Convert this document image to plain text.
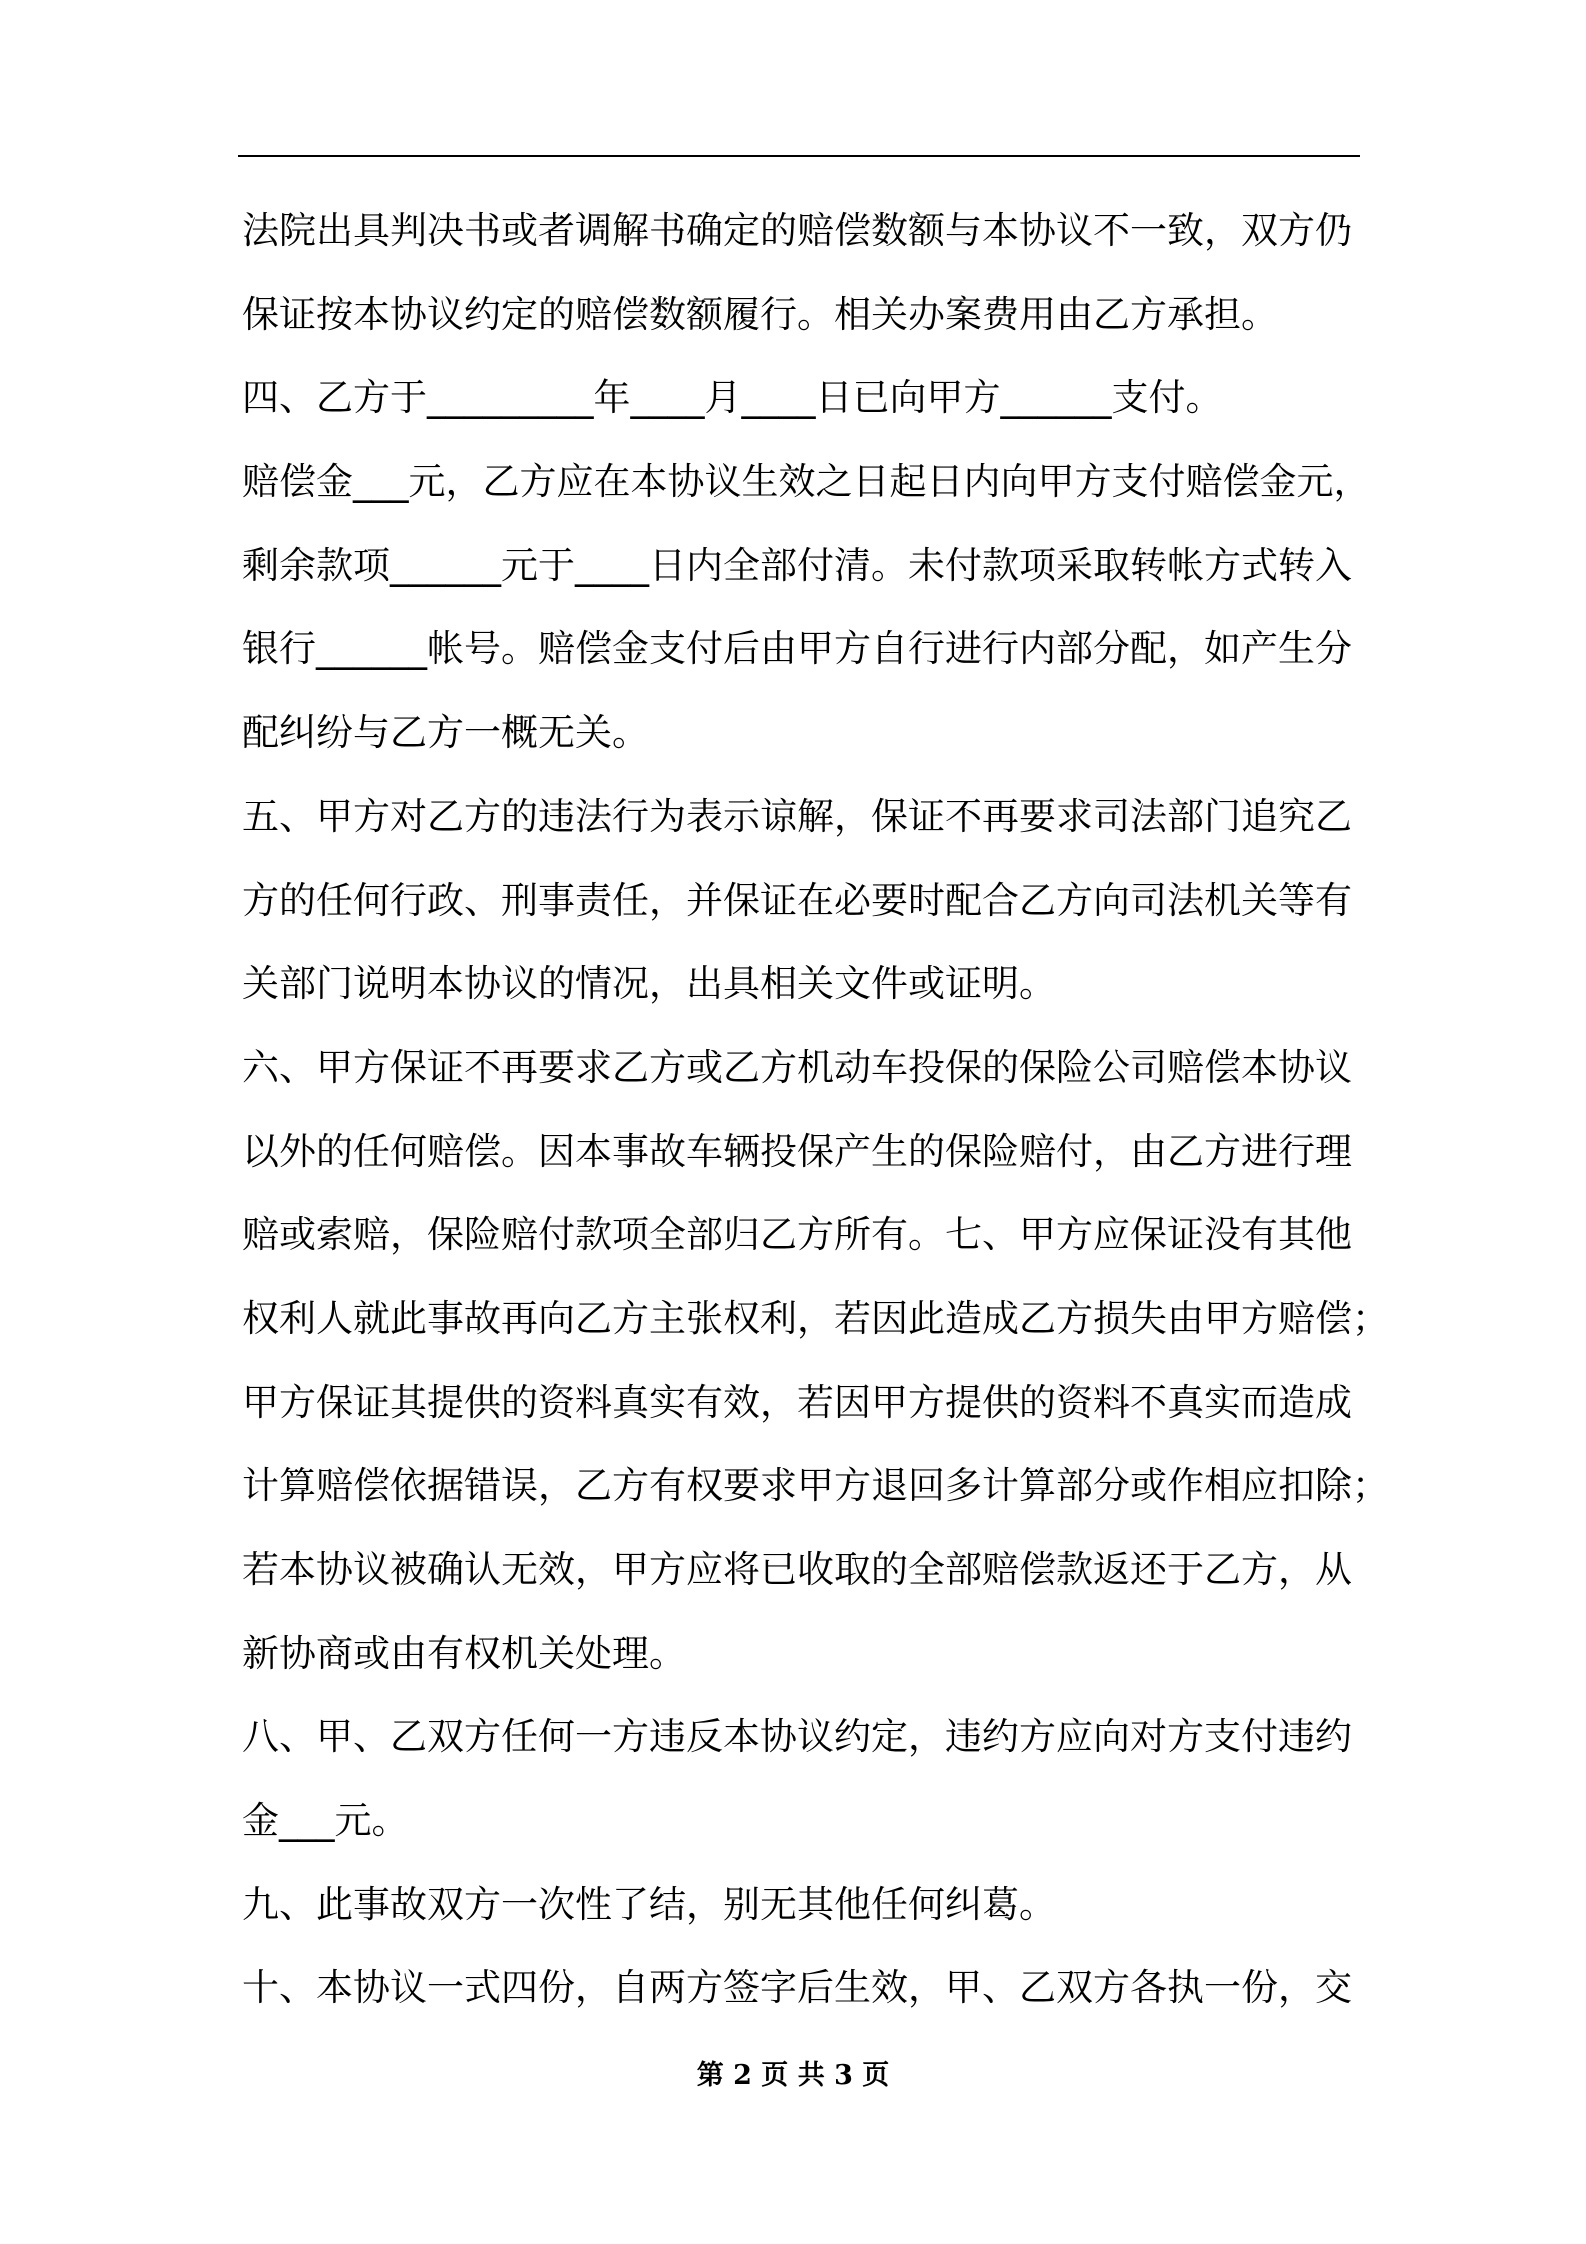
法院出具判决书或者调解书确定的赔偿数额与本协议不一致，双方仍
保证按本协议约定的赔偿数额履行。相关办案费用由乙方承担。
四、乙方于_________年____月____日已向甲方______支付。
赔偿金___元，乙方应在本协议生效之日起日内向甲方支付赔偿金元，
剩余款项______元于____日内全部付清。未付款项采取转帐方式转入
银行______帐号。赔偿金支付后由甲方自行进行内部分配，如产生分
配纠纷与乙方一概无关。
五、甲方对乙方的违法行为表示谅解，保证不再要求司法部门追究乙
方的任何行政、刑事责任，并保证在必要时配合乙方向司法机关等有
关部门说明本协议的情况，出具相关文件或证明。
六、甲方保证不再要求乙方或乙方机动车投保的保险公司赔偿本协议
以外的任何赔偿。因本事故车辆投保产生的保险赔付，由乙方进行理
赔或索赔，保险赔付款项全部归乙方所有。七、甲方应保证没有其他
权利人就此事故再向乙方主张权利，若因此造成乙方损失由甲方赔偿；
甲方保证其提供的资料真实有效，若因甲方提供的资料不真实而造成
计算赔偿依据错误，乙方有权要求甲方退回多计算部分或作相应扣除；
若本协议被确认无效，甲方应将已收取的全部赔偿款返还于乙方，从
新协商或由有权机关处理。
八、甲、乙双方任何一方违反本协议约定，违约方应向对方支付违约
金___元。
九、此事故双方一次性了结，别无其他任何纠葛。
十、本协议一式四份，自两方签字后生效，甲、乙双方各执一份，交
第 2 页 共 3 页
